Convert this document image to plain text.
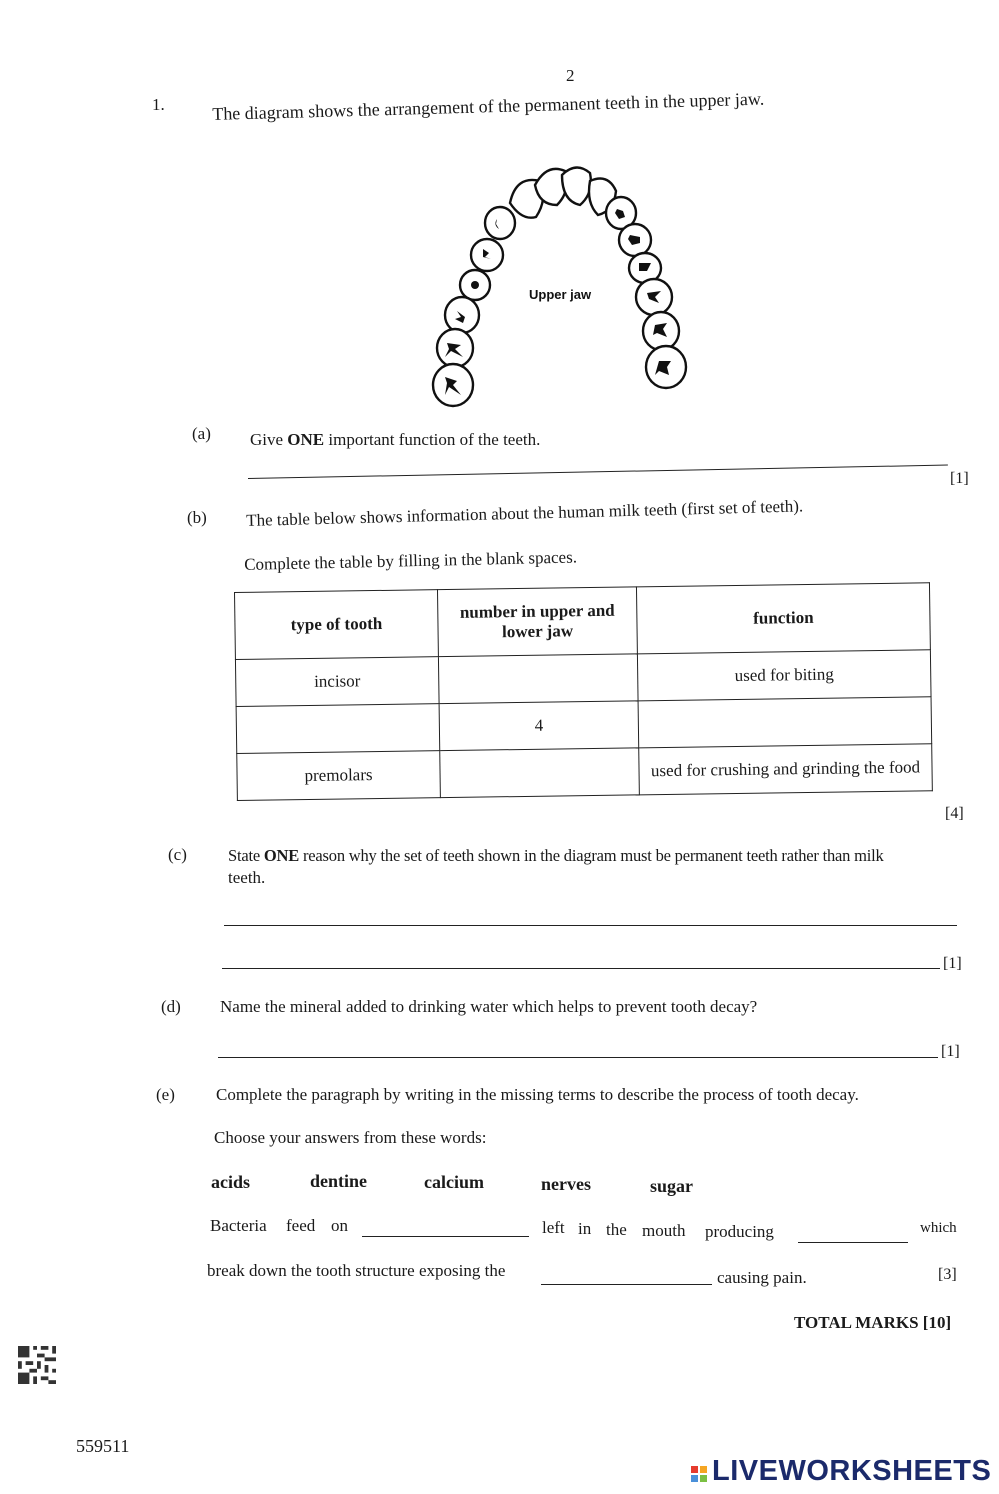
2
1.	The diagram shows the arrangement of the permanent teeth in the upper jaw.
Upper jaw
(a) Give ONE important function of the teeth.
[1]
(b) The table below shows information about the human milk teeth (first set of teeth).
Complete the table by filling in the blank spaces.
type of tooth	number in upper and lower jaw	function
incisor		used for biting
	4	
premolars		used for crushing and grinding the food
[4]
(c) State ONE reason why the set of teeth shown in the diagram must be permanent teeth rather than milk
teeth.
[1]
(d) Name the mineral added to drinking water which helps to prevent tooth decay?
[1]
(e) Complete the paragraph by writing in the missing terms to describe the process of tooth decay.
Choose your answers from these words:
acids	dentine	calcium	nerves	sugar
Bacteria feed on	left in the mouth producing	which
break down the tooth structure exposing the	causing pain.	[3]
TOTAL MARKS [10]
559511
LIVEWORKSHEETS
